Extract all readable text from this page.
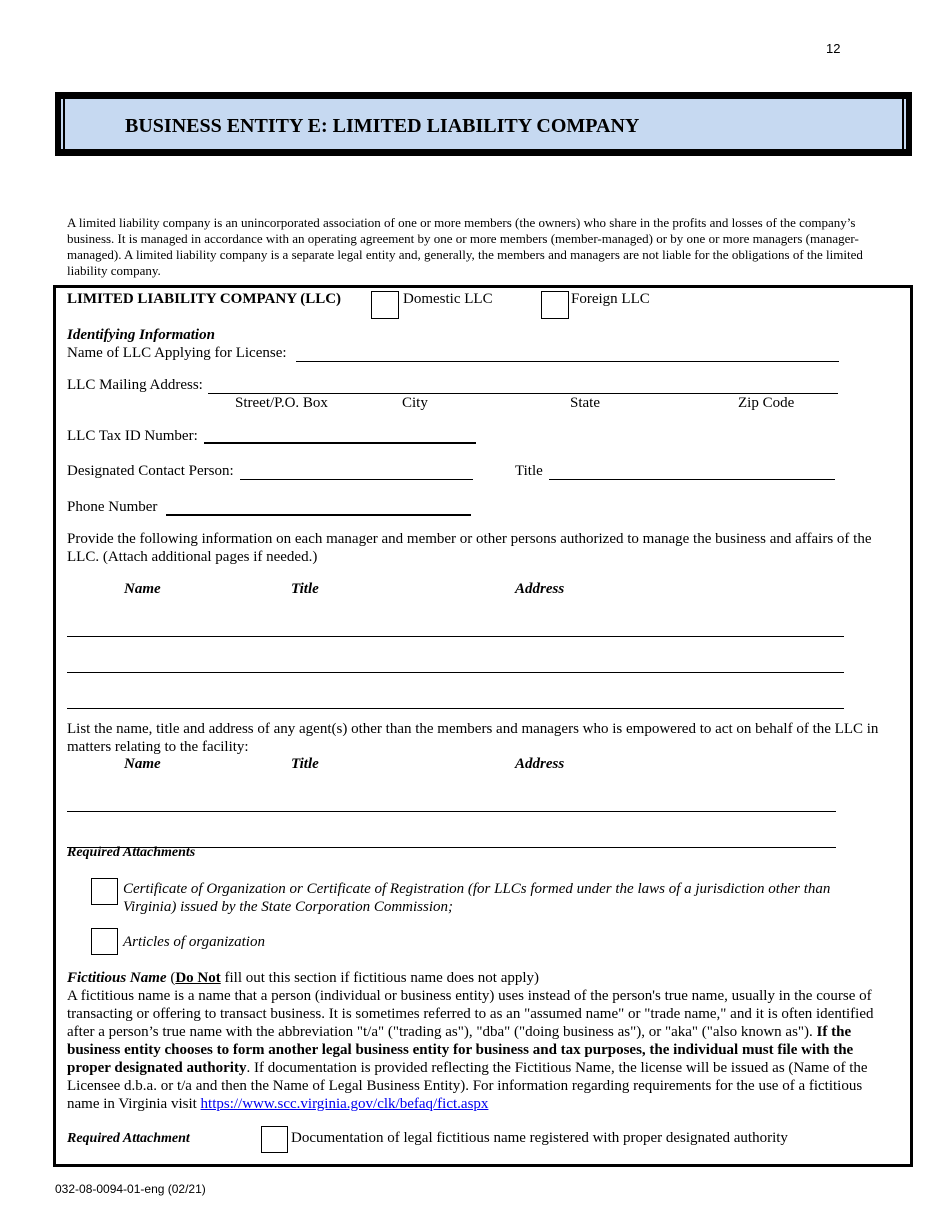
12
BUSINESS ENTITY E: LIMITED LIABILITY COMPANY
A limited liability company is an unincorporated association of one or more members (the owners) who share in the profits and losses of the company’s business. It is managed in accordance with an operating agreement by one or more members (member-managed) or by one or more managers (manager-managed). A limited liability company is a separate legal entity and, generally, the members and managers are not liable for the obligations of the limited liability company.
LIMITED LIABILITY COMPANY (LLC)	Domestic LLC	Foreign LLC
Identifying Information
Name of LLC Applying for License:
LLC Mailing Address:
Street/P.O. Box	City	State	Zip Code
LLC Tax ID Number:
Designated Contact Person:	Title
Phone Number
Provide the following information on each manager and member or other persons authorized to manage the business and affairs of the LLC. (Attach additional pages if needed.)
Name	Title	Address
List the name, title and address of any agent(s) other than the members and managers who is empowered to act on behalf of the LLC in matters relating to the facility:
Name	Title	Address
Required Attachments
Certificate of Organization or Certificate of Registration (for LLCs formed under the laws of a jurisdiction other than Virginia) issued by the State Corporation Commission;
Articles of organization
Fictitious Name (Do Not fill out this section if fictitious name does not apply)
A fictitious name is a name that a person (individual or business entity) uses instead of the person's true name, usually in the course of transacting or offering to transact business. It is sometimes referred to as an "assumed name" or "trade name," and it is often identified after a person’s true name with the abbreviation "t/a" ("trading as"), "dba" ("doing business as"), or "aka" ("also known as"). If the business entity chooses to form another legal business entity for business and tax purposes, the individual must file with the proper designated authority. If documentation is provided reflecting the Fictitious Name, the license will be issued as (Name of the Licensee d.b.a. or t/a and then the Name of Legal Business Entity). For information regarding requirements for the use of a fictitious name in Virginia visit https://www.scc.virginia.gov/clk/befaq/fict.aspx
Required Attachment	Documentation of legal fictitious name registered with proper designated authority
032-08-0094-01-eng (02/21)
